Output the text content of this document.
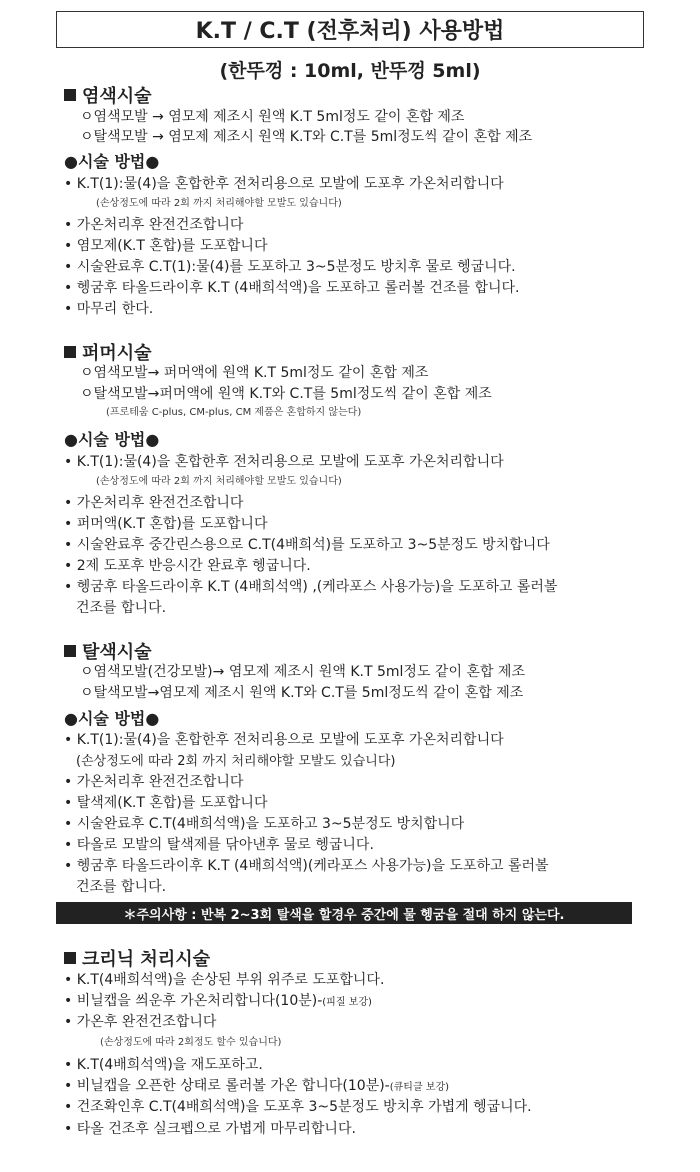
K.T / C.T (전후처리) 사용방법
(한뚜껑 : 10ml, 반뚜껑 5ml)
염색시술
ㅇ염색모발 → 염모제 제조시 원액 K.T 5ml정도 같이 혼합 제조
ㅇ탈색모발 → 염모제 제조시 원액 K.T와 C.T를 5ml정도씩 같이 혼합 제조
●시술 방법●
• K.T(1):물(4)을 혼합한후 전처리용으로 모발에 도포후 가온처리합니다
(손상정도에 따라 2회 까지 처리해야할 모발도 있습니다)
• 가온처리후 완전건조합니다
• 염모제(K.T 혼합)를 도포합니다
• 시술완료후 C.T(1):물(4)를 도포하고 3~5분정도 방치후 물로 헹굽니다.
• 헹굼후 타올드라이후 K.T (4배희석액)을 도포하고 롤러볼 건조를 합니다.
• 마무리 한다.
퍼머시술
ㅇ염색모발→ 퍼머액에 원액 K.T 5ml정도 같이 혼합 제조
ㅇ탈색모발→퍼머액에 원액 K.T와 C.T를 5ml정도씩 같이 혼합 제조
(프로테움 C-plus, CM-plus, CM 제품은 혼합하지 않는다)
●시술 방법●
• K.T(1):물(4)을 혼합한후 전처리용으로 모발에 도포후 가온처리합니다
(손상정도에 따라 2회 까지 처리해야할 모발도 있습니다)
• 가온처리후 완전건조합니다
• 퍼머액(K.T 혼합)를 도포합니다
• 시술완료후 중간린스용으로 C.T(4배희석)를 도포하고 3~5분정도 방치합니다
• 2제 도포후 반응시간 완료후 헹굽니다.
• 헹굼후 타올드라이후 K.T (4배희석액) ,(케라포스 사용가능)을 도포하고 롤러볼
건조를 합니다.
탈색시술
ㅇ염색모발(건강모발)→ 염모제 제조시 원액 K.T 5ml정도 같이 혼합 제조
ㅇ탈색모발→염모제 제조시 원액 K.T와 C.T를 5ml정도씩 같이 혼합 제조
●시술 방법●
• K.T(1):물(4)을 혼합한후 전처리용으로 모발에 도포후 가온처리합니다
(손상정도에 따라 2회 까지 처리해야할 모발도 있습니다)
• 가온처리후 완전건조합니다
• 탈색제(K.T 혼합)를 도포합니다
• 시술완료후 C.T(4배희석액)을 도포하고 3~5분정도 방치합니다
• 타올로 모발의 탈색제를 닦아낸후 물로 헹굽니다.
• 헹굼후 타올드라이후 K.T (4배희석액)(케라포스 사용가능)을 도포하고 롤러볼
건조를 합니다.
＊주의사항 : 반복 2~3회 탈색을 할경우 중간에 물 헹굼을 절대 하지 않는다.
크리닉 처리시술
• K.T(4배희석액)을 손상된 부위 위주로 도포합니다.
• 비닐캡을 씌운후 가온처리합니다(10분)-(피질 보강)
• 가온후 완전건조합니다
(손상정도에 따라 2회정도 할수 있습니다)
• K.T(4배희석액)을 재도포하고.
• 비닐캡을 오픈한 상태로 롤러볼 가온 합니다(10분)-(큐티클 보강)
• 건조확인후 C.T(4배희석액)을 도포후 3~5분정도 방치후 가볍게 헹굽니다.
• 타올 건조후 실크펩으로 가볍게 마무리합니다.
